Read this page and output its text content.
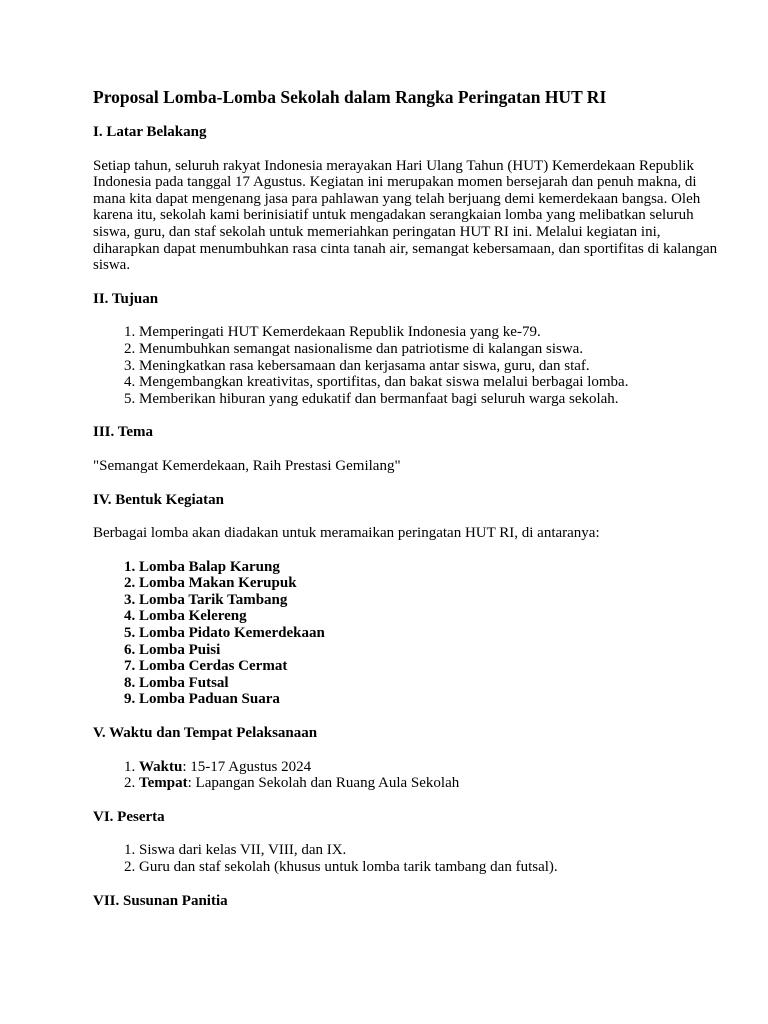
Proposal Lomba-Lomba Sekolah dalam Rangka Peringatan HUT RI
I. Latar Belakang

Setiap tahun, seluruh rakyat Indonesia merayakan Hari Ulang Tahun (HUT) Kemerdekaan Republik Indonesia pada tanggal 17 Agustus. Kegiatan ini merupakan momen bersejarah dan penuh makna, di mana kita dapat mengenang jasa para pahlawan yang telah berjuang demi kemerdekaan bangsa. Oleh karena itu, sekolah kami berinisiatif untuk mengadakan serangkaian lomba yang melibatkan seluruh siswa, guru, dan staf sekolah untuk memeriahkan peringatan HUT RI ini. Melalui kegiatan ini, diharapkan dapat menumbuhkan rasa cinta tanah air, semangat kebersamaan, dan sportifitas di kalangan siswa.

II. Tujuan
1. Memperingati HUT Kemerdekaan Republik Indonesia yang ke-79.
2. Menumbuhkan semangat nasionalisme dan patriotisme di kalangan siswa.
3. Meningkatkan rasa kebersamaan dan kerjasama antar siswa, guru, dan staf.
4. Mengembangkan kreativitas, sportifitas, dan bakat siswa melalui berbagai lomba.
5. Memberikan hiburan yang edukatif dan bermanfaat bagi seluruh warga sekolah.
III. Tema

"Semangat Kemerdekaan, Raih Prestasi Gemilang"

IV. Bentuk Kegiatan

Berbagai lomba akan diadakan untuk meramaikan peringatan HUT RI, di antaranya:

1. Lomba Balap Karung
2. Lomba Makan Kerupuk
3. Lomba Tarik Tambang
4. Lomba Kelereng
5. Lomba Pidato Kemerdekaan
6. Lomba Puisi
7. Lomba Cerdas Cermat
8. Lomba Futsal
9. Lomba Paduan Suara
V. Waktu dan Tempat Pelaksanaan
1. Waktu: 15-17 Agustus 2024
2. Tempat: Lapangan Sekolah dan Ruang Aula Sekolah
VI. Peserta
1. Siswa dari kelas VII, VIII, dan IX.
2. Guru dan staf sekolah (khusus untuk lomba tarik tambang dan futsal).
VII. Susunan Panitia
